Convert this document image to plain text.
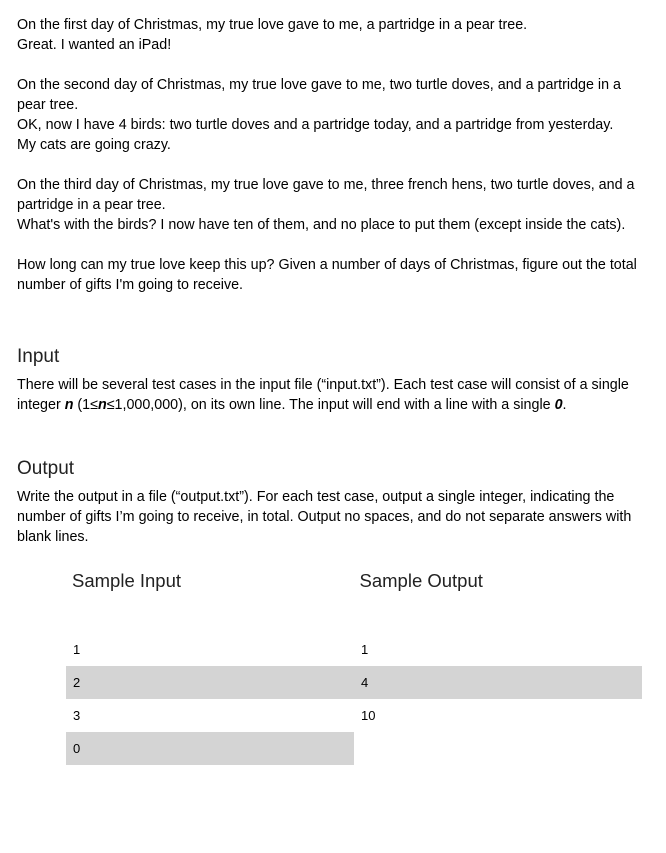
On the first day of Christmas, my true love gave to me, a partridge in a pear tree.

Great. I wanted an iPad!

On the second day of Christmas, my true love gave to me, two turtle doves, and a partridge in a pear tree.

OK, now I have 4 birds: two turtle doves and a partridge today, and a partridge from yesterday.

My cats are going crazy.

On the third day of Christmas, my true love gave to me, three french hens, two turtle doves, and a partridge in a pear tree.

What's with the birds? I now have ten of them, and no place to put them (except inside the cats).

How long can my true love keep this up? Given a number of days of Christmas, figure out the total number of gifts I'm going to receive.

Input

There will be several test cases in the input file (“input.txt”). Each test case will consist of a single integer n (1≤n≤1,000,000), on its own line. The input will end with a line with a single 0.

Output

Write the output in a file (“output.txt”). For each test case, output a single integer, indicating the number of gifts I’m going to receive, in total. Output no spaces, and do not separate answers with blank lines.

Sample Input	Sample Output
1	1
2	4
3	10
0
